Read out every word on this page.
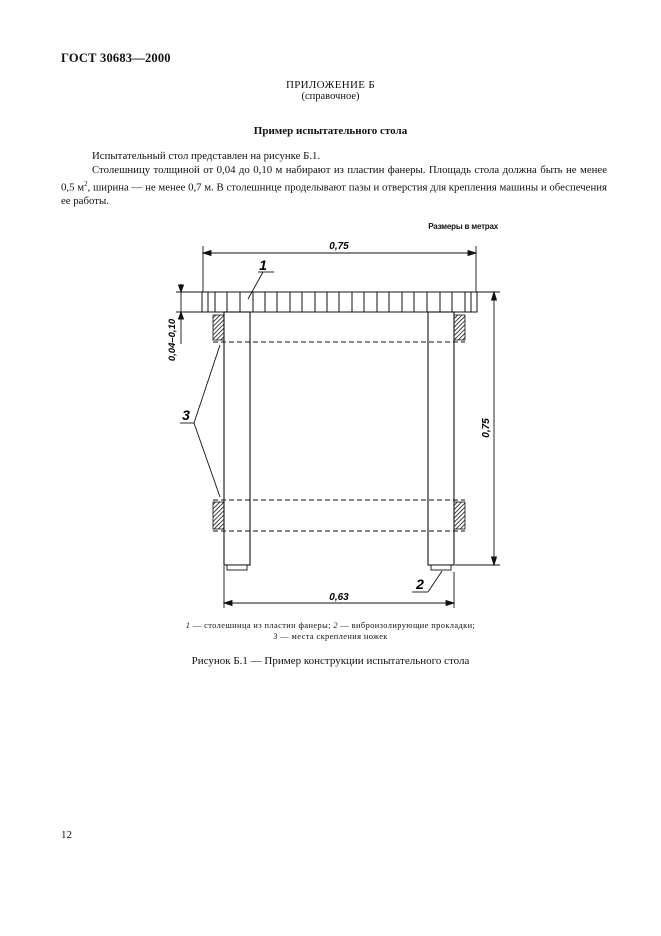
ГОСТ 30683—2000
ПРИЛОЖЕНИЕ Б
(справочное)
Пример испытательного стола
Испытательный стол представлен на рисунке Б.1.
Столешницу толщиной от 0,04 до 0,10 м набирают из пластин фанеры. Площадь стола должна быть не менее 0,5 $м^2$, ширина — не менее 0,7 м. В столешнице проделывают пазы и отверстия для крепления машины и обеспечения ее работы.
Размеры в метрах
0,75
0,04–0,10
0,75
0,63
1
3
2
1 — столешница из пластин фанеры; 2 — виброизолирующие прокладки;
3 — места скрепления ножек
Рисунок Б.1 — Пример конструкции испытательного стола
12
